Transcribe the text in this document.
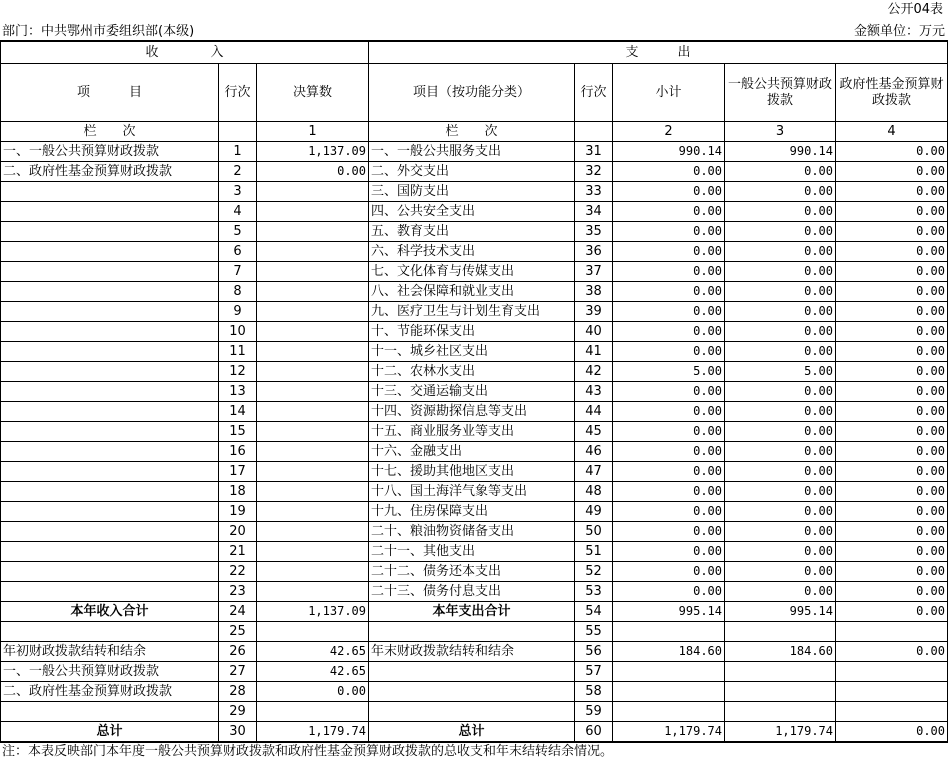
公开04表
部门：中共鄂州市委组织部(本级)	金额单位：万元
收　　　　入			支　　　出				
项　　　目	行次	决算数	项目（按功能分类）	行次	小计	一般公共预算财政拨款	政府性基金预算财政拨款
栏　　次		1	栏　　次		2	3	4
一、一般公共预算财政拨款	1	1,137.09	一、一般公共服务支出	31	990.14	990.14	0.00
二、政府性基金预算财政拨款	2	0.00	二、外交支出	32	0.00	0.00	0.00
	3		三、国防支出	33	0.00	0.00	0.00
	4		四、公共安全支出	34	0.00	0.00	0.00
	5		五、教育支出	35	0.00	0.00	0.00
	6		六、科学技术支出	36	0.00	0.00	0.00
	7		七、文化体育与传媒支出	37	0.00	0.00	0.00
	8		八、社会保障和就业支出	38	0.00	0.00	0.00
	9		九、医疗卫生与计划生育支出	39	0.00	0.00	0.00
	10		十、节能环保支出	40	0.00	0.00	0.00
	11		十一、城乡社区支出	41	0.00	0.00	0.00
	12		十二、农林水支出	42	5.00	5.00	0.00
	13		十三、交通运输支出	43	0.00	0.00	0.00
	14		十四、资源勘探信息等支出	44	0.00	0.00	0.00
	15		十五、商业服务业等支出	45	0.00	0.00	0.00
	16		十六、金融支出	46	0.00	0.00	0.00
	17		十七、援助其他地区支出	47	0.00	0.00	0.00
	18		十八、国土海洋气象等支出	48	0.00	0.00	0.00
	19		十九、住房保障支出	49	0.00	0.00	0.00
	20		二十、粮油物资储备支出	50	0.00	0.00	0.00
	21		二十一、其他支出	51	0.00	0.00	0.00
	22		二十二、债务还本支出	52	0.00	0.00	0.00
	23		二十三、债务付息支出	53	0.00	0.00	0.00
本年收入合计	24	1,137.09	本年支出合计	54	995.14	995.14	0.00
	25			55			
年初财政拨款结转和结余	26	42.65	年末财政拨款结转和结余	56	184.60	184.60	0.00
一、一般公共预算财政拨款	27	42.65		57			
二、政府性基金预算财政拨款	28	0.00		58			
	29			59			
总计	30	1,179.74	总计	60	1,179.74	1,179.74	0.00
注：本表反映部门本年度一般公共预算财政拨款和政府性基金预算财政拨款的总收支和年末结转结余情况。
